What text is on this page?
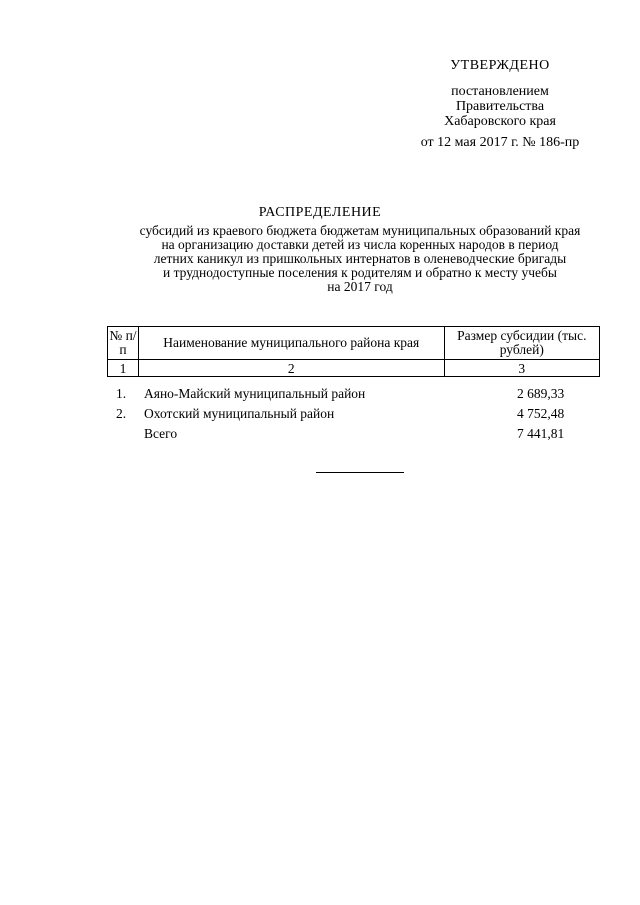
УТВЕРЖДЕНО
постановлением
Правительства
Хабаровского края
от 12 мая 2017 г. № 186-пр
РАСПРЕДЕЛЕНИЕ
субсидий из краевого бюджета бюджетам муниципальных образований края
на организацию доставки детей из числа коренных народов в период
летних каникул из пришкольных интернатов в оленеводческие бригады
и труднодоступные поселения к родителям и обратно к месту учебы
на 2017 год
№ п/п	Наименование муниципального района края	Размер субсидии (тыс. рублей)
1	2	3
1. Аяно-Майский муниципальный район	2 689,33
2. Охотский муниципальный район	4 752,48
Всего	7 441,81
